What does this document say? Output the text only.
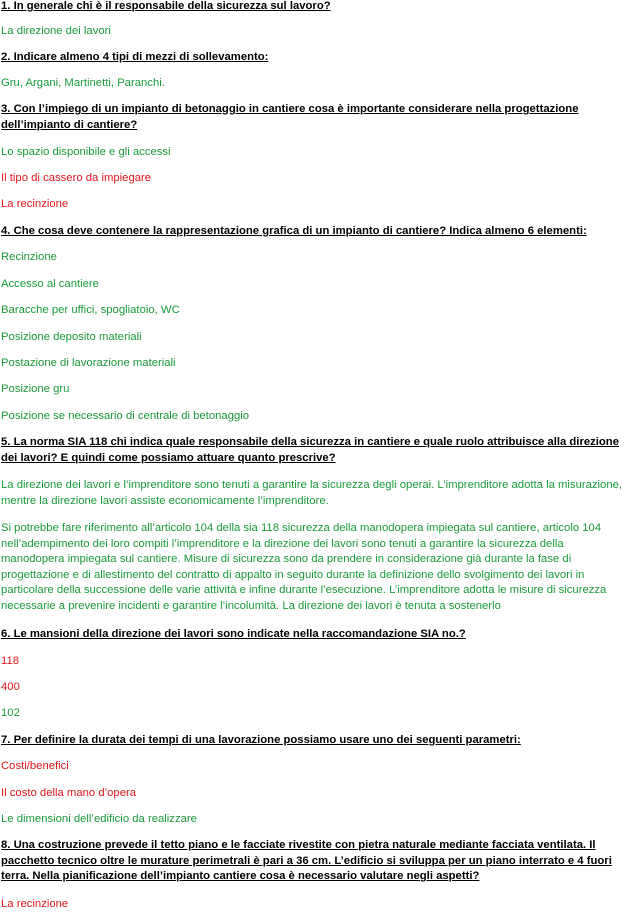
1. In generale chi è il responsabile della sicurezza sul lavoro?

La direzione dei lavori

2. Indicare almeno 4 tipi di mezzi di sollevamento:

Gru, Argani, Martinetti, Paranchi.

3. Con l’impiego di un impianto di betonaggio in cantiere cosa è importante considerare nella progettazione dell’impianto di cantiere?

Lo spazio disponibile e gli accessi

Il tipo di cassero da impiegare

La recinzione

4. Che cosa deve contenere la rappresentazione grafica di un impianto di cantiere? Indica almeno 6 elementi:

Recinzione

Accesso al cantiere

Baracche per uffici, spogliatoio, WC

Posizione deposito materiali

Postazione di lavorazione materiali

Posizione gru

Posizione se necessario di centrale di betonaggio

5. La norma SIA 118 chi indica quale responsabile della sicurezza in cantiere e quale ruolo attribuisce alla direzione dei lavori? E quindi come possiamo attuare quanto prescrive?

La direzione dei lavori e l’imprenditore sono tenuti a garantire la sicurezza degli operai. L’imprenditore adotta la misurazione, mentre la direzione lavori assiste economicamente l’imprenditore.

Si potrebbe fare riferimento all’articolo 104 della sia 118 sicurezza della manodopera impiegata sul cantiere, articolo 104 nell’adempimento dei loro compiti l’imprenditore e la direzione dei lavori sono tenuti a garantire la sicurezza della manodopera impiegata sul cantiere. Misure di sicurezza sono da prendere in considerazione già durante la fase di progettazione e di allestimento del contratto di appalto in seguito durante la definizione dello svolgimento dei lavori in particolare della successione delle varie attività e infine durante l’esecuzione. L’imprenditore adotta le misure di sicurezza necessarie a prevenire incidenti e garantire l’incolumità. La direzione dei lavori è tenuta a sostenerlo

6. Le mansioni della direzione dei lavori sono indicate nella raccomandazione SIA no.?

118

400

102

7. Per definire la durata dei tempi di una lavorazione possiamo usare uno dei seguenti parametri:

Costi/benefici

Il costo della mano d’opera

Le dimensioni dell’edificio da realizzare

8. Una costruzione prevede il tetto piano e le facciate rivestite con pietra naturale mediante facciata ventilata. Il pacchetto tecnico oltre le murature perimetrali è pari a 36 cm. L’edificio si sviluppa per un piano interrato e 4 fuori terra. Nella pianificazione dell’impianto cantiere cosa è necessario valutare negli aspetti?

La recinzione
